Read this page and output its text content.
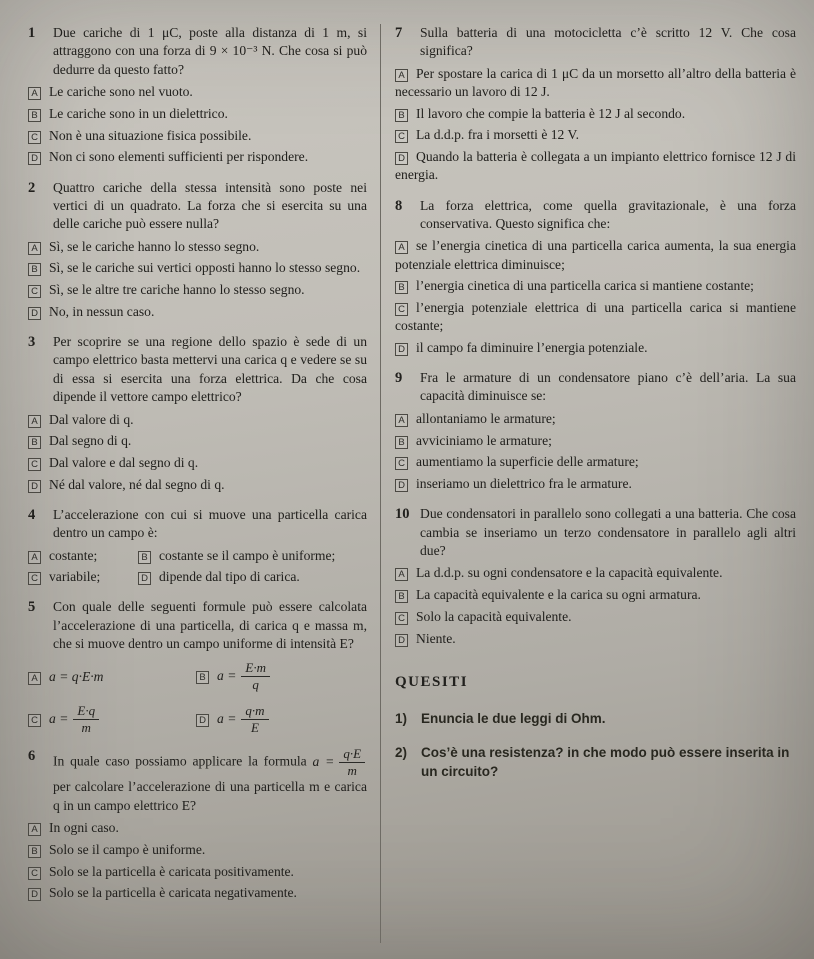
1	Due cariche di 1 μC, poste alla distanza di 1 m, si attraggono con una forza di 9 × 10⁻³ N. Che cosa si può dedurre da questo fatto?

A Le cariche sono nel vuoto.
B Le cariche sono in un dielettrico.
C Non è una situazione fisica possibile.
D Non ci sono elementi sufficienti per rispondere.
2	Quattro cariche della stessa intensità sono poste nei vertici di un quadrato. La forza che si esercita su una delle cariche può essere nulla?

A Sì, se le cariche hanno lo stesso segno.
B Sì, se le cariche sui vertici opposti hanno lo stesso segno.
C Sì, se le altre tre cariche hanno lo stesso segno.
D No, in nessun caso.
3	Per scoprire se una regione dello spazio è sede di un campo elettrico basta mettervi una carica q e vedere se su di essa si esercita una forza elettrica. Da che cosa dipende il vettore campo elettrico?

A Dal valore di q.
B Dal segno di q.
C Dal valore e dal segno di q.
D Né dal valore, né dal segno di q.
4	L’accelerazione con cui si muove una particella carica dentro un campo è:

A costante;	B costante se il campo è uniforme;
C variabile;	D dipende dal tipo di carica.
5	Con quale delle seguenti formule può essere calcolata l’accelerazione di una particella, di carica q e massa m, che si muove dentro un campo uniforme di intensità E?

A a = q·E·m	B $a = \frac{E\cdot m}{q}$
C $a = \frac{E\cdot q}{m}$	D $a = \frac{q\cdot m}{E}$
6	In quale caso possiamo applicare la formula $a = \frac{q\cdot E}{m}$
per calcolare l’accelerazione di una particella m e carica q in un campo elettrico E?

A In ogni caso.
B Solo se il campo è uniforme.
C Solo se la particella è caricata positivamente.
D Solo se la particella è caricata negativamente.
7	Sulla batteria di una motocicletta c’è scritto 12 V. Che cosa significa?

A Per spostare la carica di 1 μC da un morsetto all’altro della batteria è necessario un lavoro di 12 J.
B Il lavoro che compie la batteria è 12 J al secondo.
C La d.d.p. fra i morsetti è 12 V.
D Quando la batteria è collegata a un impianto elettrico fornisce 12 J di energia.
8	La forza elettrica, come quella gravitazionale, è una forza conservativa. Questo significa che:

A se l’energia cinetica di una particella carica aumenta, la sua energia potenziale elettrica diminuisce;
B l’energia cinetica di una particella carica si mantiene costante;
C l’energia potenziale elettrica di una particella carica si mantiene costante;
D il campo fa diminuire l’energia potenziale.
9	Fra le armature di un condensatore piano c’è dell’aria. La sua capacità diminuisce se:

A allontaniamo le armature;
B avviciniamo le armature;
C aumentiamo la superficie delle armature;
D inseriamo un dielettrico fra le armature.
10 Due condensatori in parallelo sono collegati a una batteria. Che cosa cambia se inseriamo un terzo condensatore in parallelo agli altri due?

A La d.d.p. su ogni condensatore e la capacità equivalente.
B La capacità equivalente e la carica su ogni armatura.
C Solo la capacità equivalente.
D Niente.
QUESITI
1)	Enuncia le due leggi di Ohm.
2)	Cos’è una resistenza? in che modo può essere inserita in un circuito?
